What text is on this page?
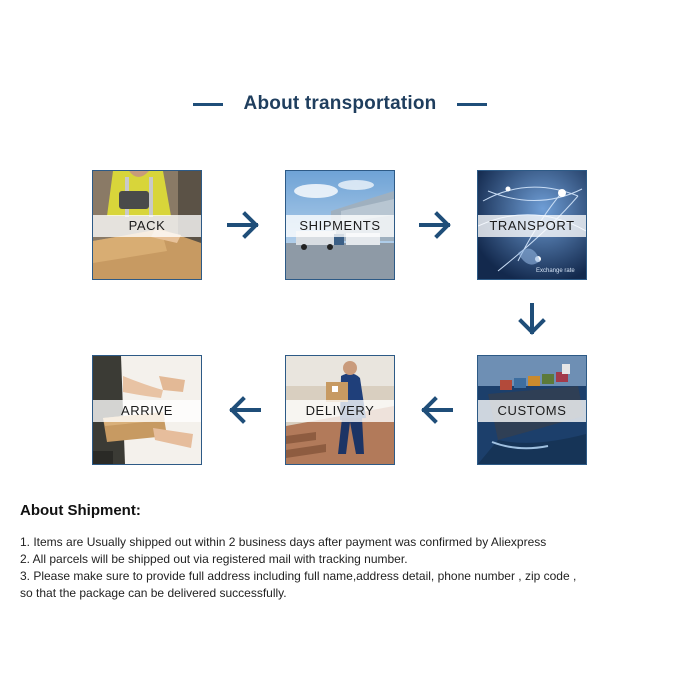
About transportation
PACK	SHIPMENTS	TRANSPORT
Exchange rate
ARRIVE	DELIVERY	CUSTOMS
About Shipment:
1. Items are Usually shipped out within 2 business days after payment was confirmed by Aliexpress
2. All parcels will be shipped out via registered mail with tracking number.
3. Please make sure to provide full address including full name,address detail, phone number , zip code ,
so that the package can be delivered successfully.
